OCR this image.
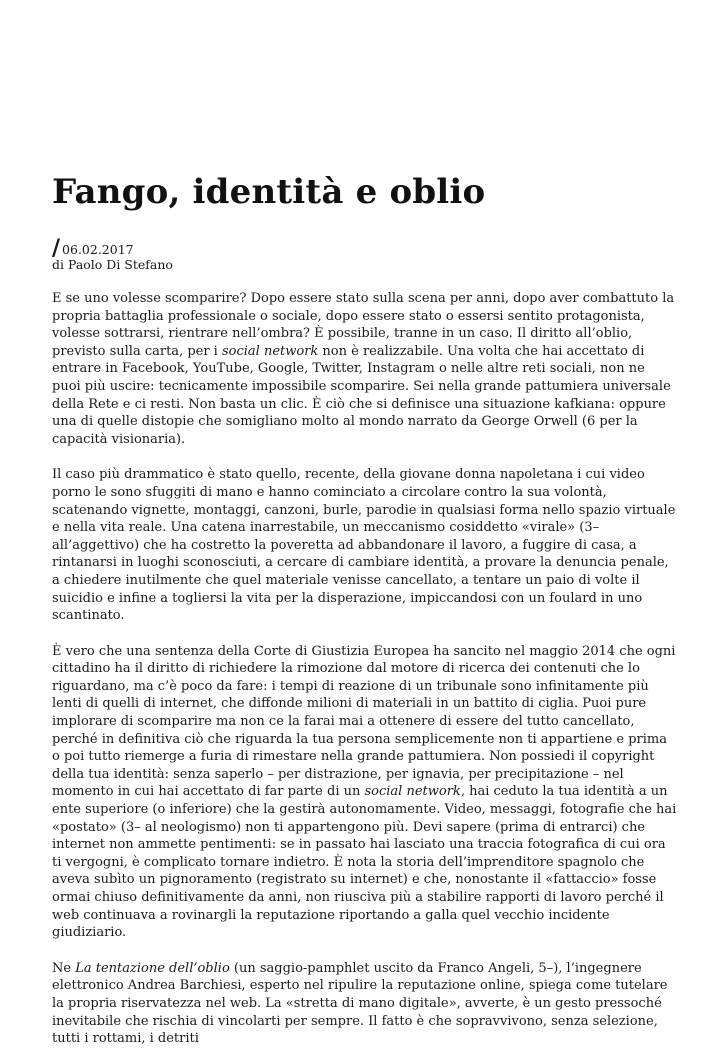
Fango, identità e oblio
/ 06.02.2017
di Paolo Di Stefano

E se uno volesse scomparire? Dopo essere stato sulla scena per anni, dopo aver combattuto la propria battaglia professionale o sociale, dopo essere stato o essersi sentito protagonista, volesse sottrarsi, rientrare nell’ombra? È possibile, tranne in un caso. Il diritto all’oblio, previsto sulla carta, per i social network non è realizzabile. Una volta che hai accettato di entrare in Facebook, YouTube, Google, Twitter, Instagram o nelle altre reti sociali, non ne puoi più uscire: tecnicamente impossibile scomparire. Sei nella grande pattumiera universale della Rete e ci resti. Non basta un clic. È ciò che si definisce una situazione kafkiana: oppure una di quelle distopie che somigliano molto al mondo narrato da George Orwell (6 per la capacità visionaria).

Il caso più drammatico è stato quello, recente, della giovane donna napoletana i cui video porno le sono sfuggiti di mano e hanno cominciato a circolare contro la sua volontà, scatenando vignette, montaggi, canzoni, burle, parodie in qualsiasi forma nello spazio virtuale e nella vita reale. Una catena inarrestabile, un meccanismo cosiddetto «virale» (3– all’aggettivo) che ha costretto la poveretta ad abbandonare il lavoro, a fuggire di casa, a rintanarsi in luoghi sconosciuti, a cercare di cambiare identità, a provare la denuncia penale, a chiedere inutilmente che quel materiale venisse cancellato, a tentare un paio di volte il suicidio e infine a togliersi la vita per la disperazione, impiccandosi con un foulard in uno scantinato.

È vero che una sentenza della Corte di Giustizia Europea ha sancito nel maggio 2014 che ogni cittadino ha il diritto di richiedere la rimozione dal motore di ricerca dei contenuti che lo riguardano, ma c’è poco da fare: i tempi di reazione di un tribunale sono infinitamente più lenti di quelli di internet, che diffonde milioni di materiali in un battito di ciglia. Puoi pure implorare di scomparire ma non ce la farai mai a ottenere di essere del tutto cancellato, perché in definitiva ciò che riguarda la tua persona semplicemente non ti appartiene e prima o poi tutto riemerge a furia di rimestare nella grande pattumiera. Non possiedi il copyright della tua identità: senza saperlo – per distrazione, per ignavia, per precipitazione – nel momento in cui hai accettato di far parte di un social network, hai ceduto la tua identità a un ente superiore (o inferiore) che la gestirà autonomamente. Video, messaggi, fotografie che hai «postato» (3– al neologismo) non ti appartengono più. Devi sapere (prima di entrarci) che internet non ammette pentimenti: se in passato hai lasciato una traccia fotografica di cui ora ti vergogni, è complicato tornare indietro. È nota la storia dell’imprenditore spagnolo che aveva subìto un pignoramento (registrato su internet) e che, nonostante il «fattaccio» fosse ormai chiuso definitivamente da anni, non riusciva più a stabilire rapporti di lavoro perché il web continuava a rovinargli la reputazione riportando a galla quel vecchio incidente giudiziario.

Ne La tentazione dell’oblio (un saggio-pamphlet uscito da Franco Angeli, 5–), l’ingegnere elettronico Andrea Barchiesi, esperto nel ripulire la reputazione online, spiega come tutelare la propria riservatezza nel web. La «stretta di mano digitale», avverte, è un gesto pressoché inevitabile che rischia di vincolarti per sempre. Il fatto è che sopravvivono, senza selezione, tutti i rottami, i detriti
